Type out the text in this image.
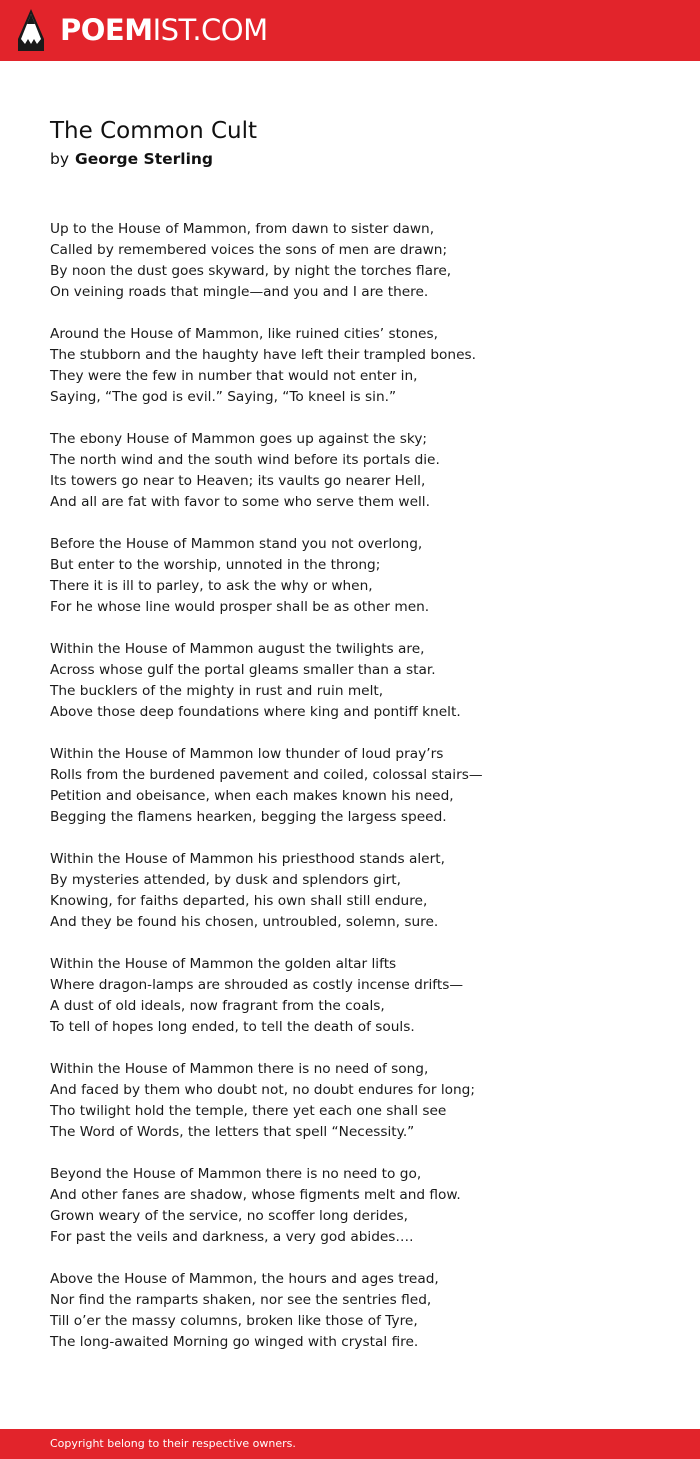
POEMIST.COM
The Common Cult
by George Sterling
Up to the House of Mammon, from dawn to sister dawn,
Called by remembered voices the sons of men are drawn;
By noon the dust goes skyward, by night the torches flare,
On veining roads that mingle—and you and I are there.
Around the House of Mammon, like ruined cities’ stones,
The stubborn and the haughty have left their trampled bones.
They were the few in number that would not enter in,
Saying, “The god is evil.” Saying, “To kneel is sin.”
The ebony House of Mammon goes up against the sky;
The north wind and the south wind before its portals die.
Its towers go near to Heaven; its vaults go nearer Hell,
And all are fat with favor to some who serve them well.
Before the House of Mammon stand you not overlong,
But enter to the worship, unnoted in the throng;
There it is ill to parley, to ask the why or when,
For he whose line would prosper shall be as other men.
Within the House of Mammon august the twilights are,
Across whose gulf the portal gleams smaller than a star.
The bucklers of the mighty in rust and ruin melt,
Above those deep foundations where king and pontiff knelt.
Within the House of Mammon low thunder of loud pray’rs
Rolls from the burdened pavement and coiled, colossal stairs—
Petition and obeisance, when each makes known his need,
Begging the flamens hearken, begging the largess speed.
Within the House of Mammon his priesthood stands alert,
By mysteries attended, by dusk and splendors girt,
Knowing, for faiths departed, his own shall still endure,
And they be found his chosen, untroubled, solemn, sure.
Within the House of Mammon the golden altar lifts
Where dragon-lamps are shrouded as costly incense drifts—
A dust of old ideals, now fragrant from the coals,
To tell of hopes long ended, to tell the death of souls.
Within the House of Mammon there is no need of song,
And faced by them who doubt not, no doubt endures for long;
Tho twilight hold the temple, there yet each one shall see
The Word of Words, the letters that spell “Necessity.”
Beyond the House of Mammon there is no need to go,
And other fanes are shadow, whose figments melt and flow.
Grown weary of the service, no scoffer long derides,
For past the veils and darkness, a very god abides….
Above the House of Mammon, the hours and ages tread,
Nor find the ramparts shaken, nor see the sentries fled,
Till o’er the massy columns, broken like those of Tyre,
The long-awaited Morning go winged with crystal fire.
Copyright belong to their respective owners.
